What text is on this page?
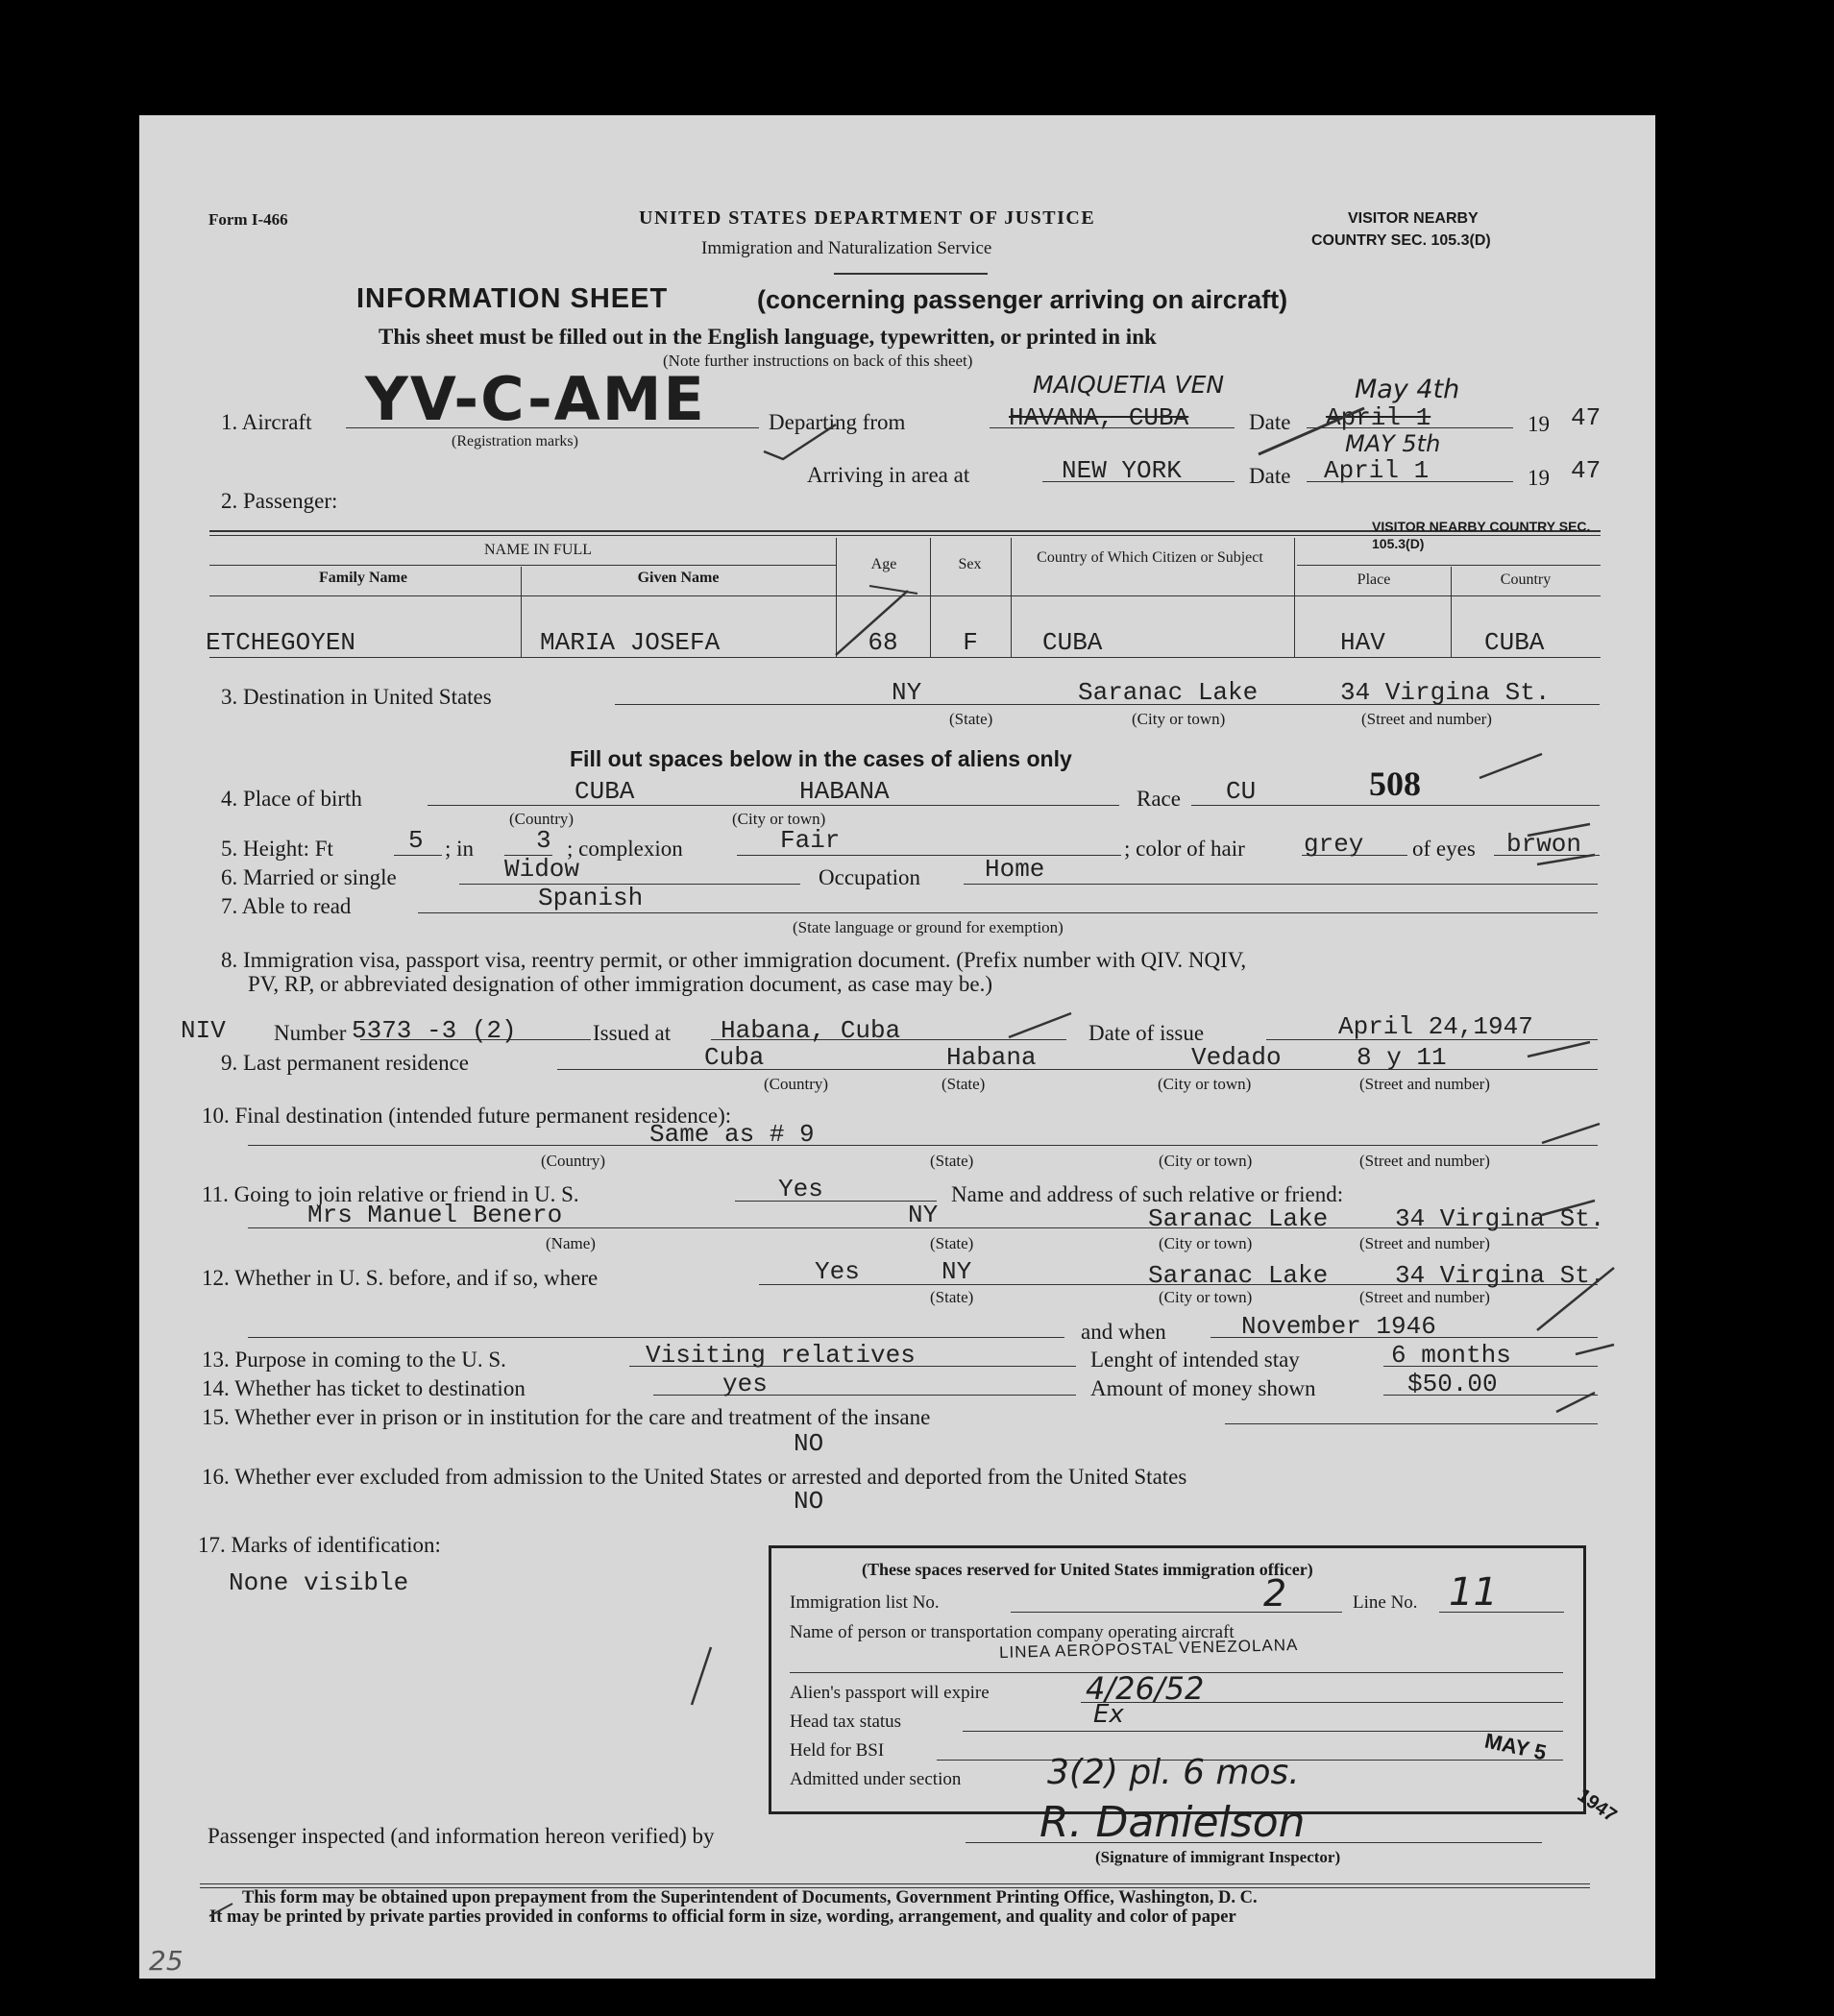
Form I-466	UNITED STATES DEPARTMENT OF JUSTICE
Immigration and Naturalization Service
VISITOR NEARBY
COUNTRY SEC. 105.3(D)
INFORMATION SHEET	(concerning passenger arriving on aircraft)
This sheet must be filled out in the English language, typewritten, or printed in ink
(Note further instructions on back of this sheet)
1. Aircraft YV-C-AME
(Registration marks)
Departing from
MAIQUETIA VEN
HAVANA, CUBA	Date
May 4th
April 1	19 47
Arriving in area at	NEW YORK	Date
MAY 5th
April 1	19 47
2. Passenger:
NAME IN FULL
Family Name	Given Name
Age	Sex	Country of Which Citizen or Subject
VISITOR NEARBY COUNTRY SEC. 105.3(D)
Place	Country
ETCHEGOYEN	MARIA JOSEFA	68	F	CUBA	HAV	CUBA
3. Destination in United States	NY	Saranac Lake	34 Virgina St.
(State)	(City or town)	(Street and number)
Fill out spaces below in the cases of aliens only
4. Place of birth	CUBA	HABANA
(Country)	(City or town)
Race CU	508
5. Height: Ft	5 ; in 3 ; complexion	Fair	; color of hair grey of eyes brwon
6. Married or single	Widow	Occupation	Home
7. Able to read	Spanish
(State language or ground for exemption)
8. Immigration visa, passport visa, reentry permit, or other immigration document. (Prefix number with QIV. NQIV,
PV, RP, or abbreviated designation of other immigration document, as case may be.)
NIV Number 5373 -3 (2)	Issued at Habana, Cuba	Date of issue	April 24,1947
9. Last permanent residence	Cuba	Habana	Vedado	8 y 11
(Country)	(State)	(City or town)	(Street and number)
10. Final destination (intended future permanent residence):
Same as # 9
(Country)	(State)	(City or town)	(Street and number)
11. Going to join relative or friend in U. S.	Yes	Name and address of such relative or friend:
Mrs Manuel Benero	NY	Saranac Lake	34 Virgina St.
(Name)	(State)	(City or town)	(Street and number)
12. Whether in U. S. before, and if so, where	Yes	NY	Saranac Lake	34 Virgina St.
(State)	(City or town)	(Street and number)
and when	November 1946
13. Purpose in coming to the U. S.	Visiting relatives	Lenght of intended stay	6 months
14. Whether has ticket to destination	yes	Amount of money shown	$50.00
15. Whether ever in prison or in institution for the care and treatment of the insane
NO
16. Whether ever excluded from admission to the United States or arrested and deported from the United States
NO
17. Marks of identification:
None visible	(These spaces reserved for United States immigration officer)
Immigration list No.	2	Line No. 11
Name of person or transportation company operating aircraft
LINEA AEROPOSTAL VENEZOLANA
Alien's passport will expire	4/26/52
Head tax status	Ex
Held for BSI
Admitted under section 3(2) pl. 6 mos.
MAY 5
1947
Passenger inspected (and information hereon verified) by	R. Danielson
(Signature of immigrant Inspector)
This form may be obtained upon prepayment from the Superintendent of Documents, Government Printing Office, Washington, D. C.
It may be printed by private parties provided in conforms to official form in size, wording, arrangement, and quality and color of paper
25
